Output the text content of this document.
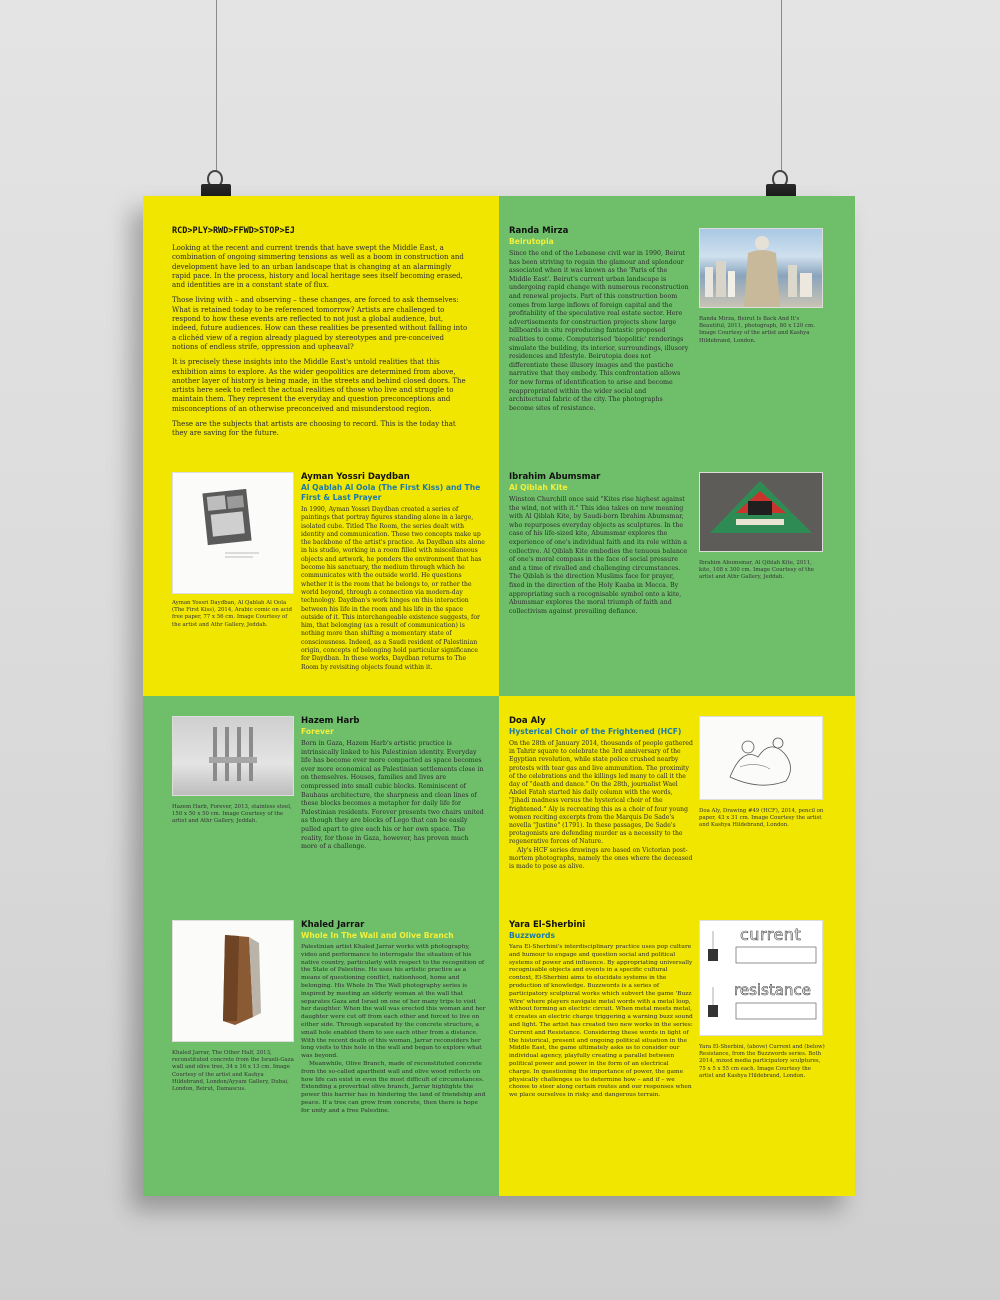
RCD>PLY>RWD>FFWD>STOP>EJ

Looking at the recent and current trends that have swept the Middle East, a combination of ongoing simmering tensions as well as a boom in construction and development have led to an urban landscape that is changing at an alarmingly rapid pace. In the process, history and local heritage sees itself becoming erased, and identities are in a constant state of flux.

Those living with – and observing – these changes, are forced to ask themselves: What is retained today to be referenced tomorrow? Artists are challenged to respond to how these events are reflected to not just a global audience, but, indeed, future audiences. How can these realities be presented without falling into a clichéd view of a region already plagued by stereotypes and pre-conceived notions of endless strife, oppression and upheaval?

It is precisely these insights into the Middle East's untold realities that this exhibition aims to explore. As the wider geopolitics are determined from above, another layer of history is being made, in the streets and behind closed doors. The artists here seek to reflect the actual realities of those who live and struggle to maintain them. They represent the everyday and question preconceptions and misconceptions of an otherwise preconceived and misunderstood region.

These are the subjects that artists are choosing to record. This is the today that they are saving for the future.

Randa Mirza

Beirutopia

Since the end of the Lebanese civil war in 1990, Beirut has been striving to regain the glamour and splendour associated when it was known as the 'Paris of the Middle East'. Beirut's current urban landscape is undergoing rapid change with numerous reconstruction and renewal projects. Part of this construction boom comes from large inflows of foreign capital and the profitability of the speculative real estate sector. Here advertisements for construction projects show large billboards in situ reproducing fantastic proposed realities to come. Computerised 'biopolitic' renderings simulate the building, its interior, surroundings, illusory residences and lifestyle. Beirutopia does not differentiate these illusory images and the pastiche narrative that they embody. This confrontation allows for new forms of identification to arise and become reappropriated within the wider social and architectural fabric of the city. The photographs become sites of resistance.

Randa Mirza, Beirut Is Back And It's Beautiful, 2011, photograph, 80 x 120 cm. Image Courtesy of the artist and Kashya Hildebrand, London.
Ayman Yossri Daydban, Al Qablah Al Oola (The First Kiss), 2014, Arabic comic on acid free paper, 77 x 56 cm. Image Courtesy of the artist and Athr Gallery, Jeddah.

Ayman Yossri Daydban

Al Qablah Al Oola (The First Kiss) and The First & Last Prayer

In 1990, Ayman Yossri Daydban created a series of paintings that portray figures standing alone in a large, isolated cube. Titled The Room, the series dealt with identity and communication. These two concepts make up the backbone of the artist's practice. As Daydban sits alone in his studio, working in a room filled with miscellaneous objects and artwork, he ponders the environment that has become his sanctuary, the medium through which he communicates with the outside world. He questions whether it is the room that he belongs to, or rather the world beyond, through a connection via modern-day technology. Daydban's work hinges on this interaction between his life in the room and his life in the space outside of it. This interchangeable existence suggests, for him, that belonging (as a result of communication) is nothing more than shifting a momentary state of consciousness. Indeed, as a Saudi resident of Palestinian origin, concepts of belonging hold particular significance for Daydban. In these works, Daydban returns to The Room by revisiting objects found within it.

Ibrahim Abumsmar

Al Qiblah Kite

Winston Churchill once said "Kites rise highest against the wind, not with it." This idea takes on new meaning with Al Qiblah Kite, by Saudi-born Ibrahim Abumsmar, who repurposes everyday objects as sculptures. In the case of his life-sized kite, Abumsmar explores the experience of one's individual faith and its role within a collective. Al Qiblah Kite embodies the tenuous balance of one's moral compass in the face of social pressure and a time of rivalled and challenging circumstances. The Qiblah is the direction Muslims face for prayer, fixed in the direction of the Holy Kaaba in Mecca. By appropriating such a recognisable symbol onto a kite, Abumsmar explores the moral triumph of faith and collectivism against prevailing defiance.

Ibrahim Abumsmar, Al Qiblah Kite, 2011, kite, 108 x 300 cm. Image Courtesy of the artist and Athr Gallery, Jeddah.
Hazem Harb, Forever, 2013, stainless steel, 150 x 50 x 50 cm. Image Courtesy of the artist and Athr Gallery, Jeddah.

Hazem Harb

Forever

Born in Gaza, Hazem Harb's artistic practice is intrinsically linked to his Palestinian identity. Everyday life has become ever more compacted as space becomes ever more economical as Palestinian settlements close in on themselves. Houses, families and lives are compressed into small cubic blocks. Reminiscent of Bauhaus architecture, the sharpness and clean lines of these blocks becomes a metaphor for daily life for Palestinian residents. Forever presents two chairs united as though they are blocks of Lego that can be easily pulled apart to give each his or her own space. The reality, for those in Gaza, however, has proven much more of a challenge.

Doa Aly

Hysterical Choir of the Frightened (HCF)

On the 28th of January 2014, thousands of people gathered in Tahrir square to celebrate the 3rd anniversary of the Egyptian revolution, while state police crushed nearby protests with tear gas and live ammunition. The proximity of the celebrations and the killings led many to call it the day of "death and dance." On the 28th, journalist Wael Abdel Fatah started his daily column with the words, "Jihadi madness versus the hysterical choir of the frightened." Aly is recreating this as a choir of four young women reciting excerpts from the Marquis De Sade's novella "Justine" (1791). In these passages, De Sade's protagonists are defending murder as a necessity to the regenerative forces of Nature.

Aly's HCF series drawings are based on Victorian post-mortem photographs, namely the ones where the deceased is made to pose as alive.

Doa Aly, Drawing #49 (HCF), 2014, pencil on paper, 43 x 31 cm. Image Courtesy the artist and Kashya Hildebrand, London.
Khaled Jarrar, The Other Half, 2013, reconstituted concrete from the Israeli-Gaza wall and olive tree, 34 x 16 x 13 cm. Image Courtesy of the artist and Kashya Hildebrand, London/Ayyam Gallery, Dubai, London, Beirut, Damascus.

Khaled Jarrar

Whole In The Wall and Olive Branch

Palestinian artist Khaled Jarrar works with photography, video and performance to interrogate the situation of his native country, particularly with respect to the recognition of the State of Palestine. He uses his artistic practice as a means of questioning conflict, nationhood, home and belonging. His Whole In The Wall photography series is inspired by meeting an elderly woman at the wall that separates Gaza and Israel on one of her many trips to visit her daughter. When the wall was erected this woman and her daughter were cut off from each other and forced to live on either side. Through separated by the concrete structure, a small hole enabled them to see each other from a distance. With the recent death of this woman, Jarrar reconsiders her long visits to this hole in the wall and began to explore what was beyond.

Meanwhile, Olive Branch, made of reconstituted concrete from the so-called apartheid wall and olive wood reflects on how life can exist in even the most difficult of circumstances. Extending a proverbial olive branch, Jarrar highlights the power this barrier has in hindering the land of friendship and peace. If a tree can grow from concrete, then there is hope for unity and a free Palestine.

Yara El-Sherbini

Buzzwords

Yara El-Sherbini's interdisciplinary practice uses pop culture and humour to engage and question social and political systems of power and influence. By appropriating universally recognisable objects and events in a specific cultural context, El-Sherbini aims to elucidate systems in the production of knowledge. Buzzwords is a series of participatory sculptural works which subvert the game 'Buzz Wire' where players navigate metal words with a metal loop, without forming an electric circuit. When metal meets metal, it creates an electric charge triggering a warning buzz sound and light. The artist has created two new works in the series: Current and Resistance. Considering these words in light of the historical, present and ongoing political situation in the Middle East, the game ultimately asks us to consider our individual agency, playfully creating a parallel between political power and power in the form of an electrical charge. In questioning the importance of power, the game physically challenges us to determine how – and if – we choose to steer along certain routes and our responses when we place ourselves in risky and dangerous terrain.

current
resistance
Yara El-Sherbini, (above) Current and (below) Resistance, from the Buzzwords series. Both 2014, mixed media participatory sculptures, 75 x 5 x 55 cm each. Image Courtesy the artist and Kashya Hildebrand, London.
